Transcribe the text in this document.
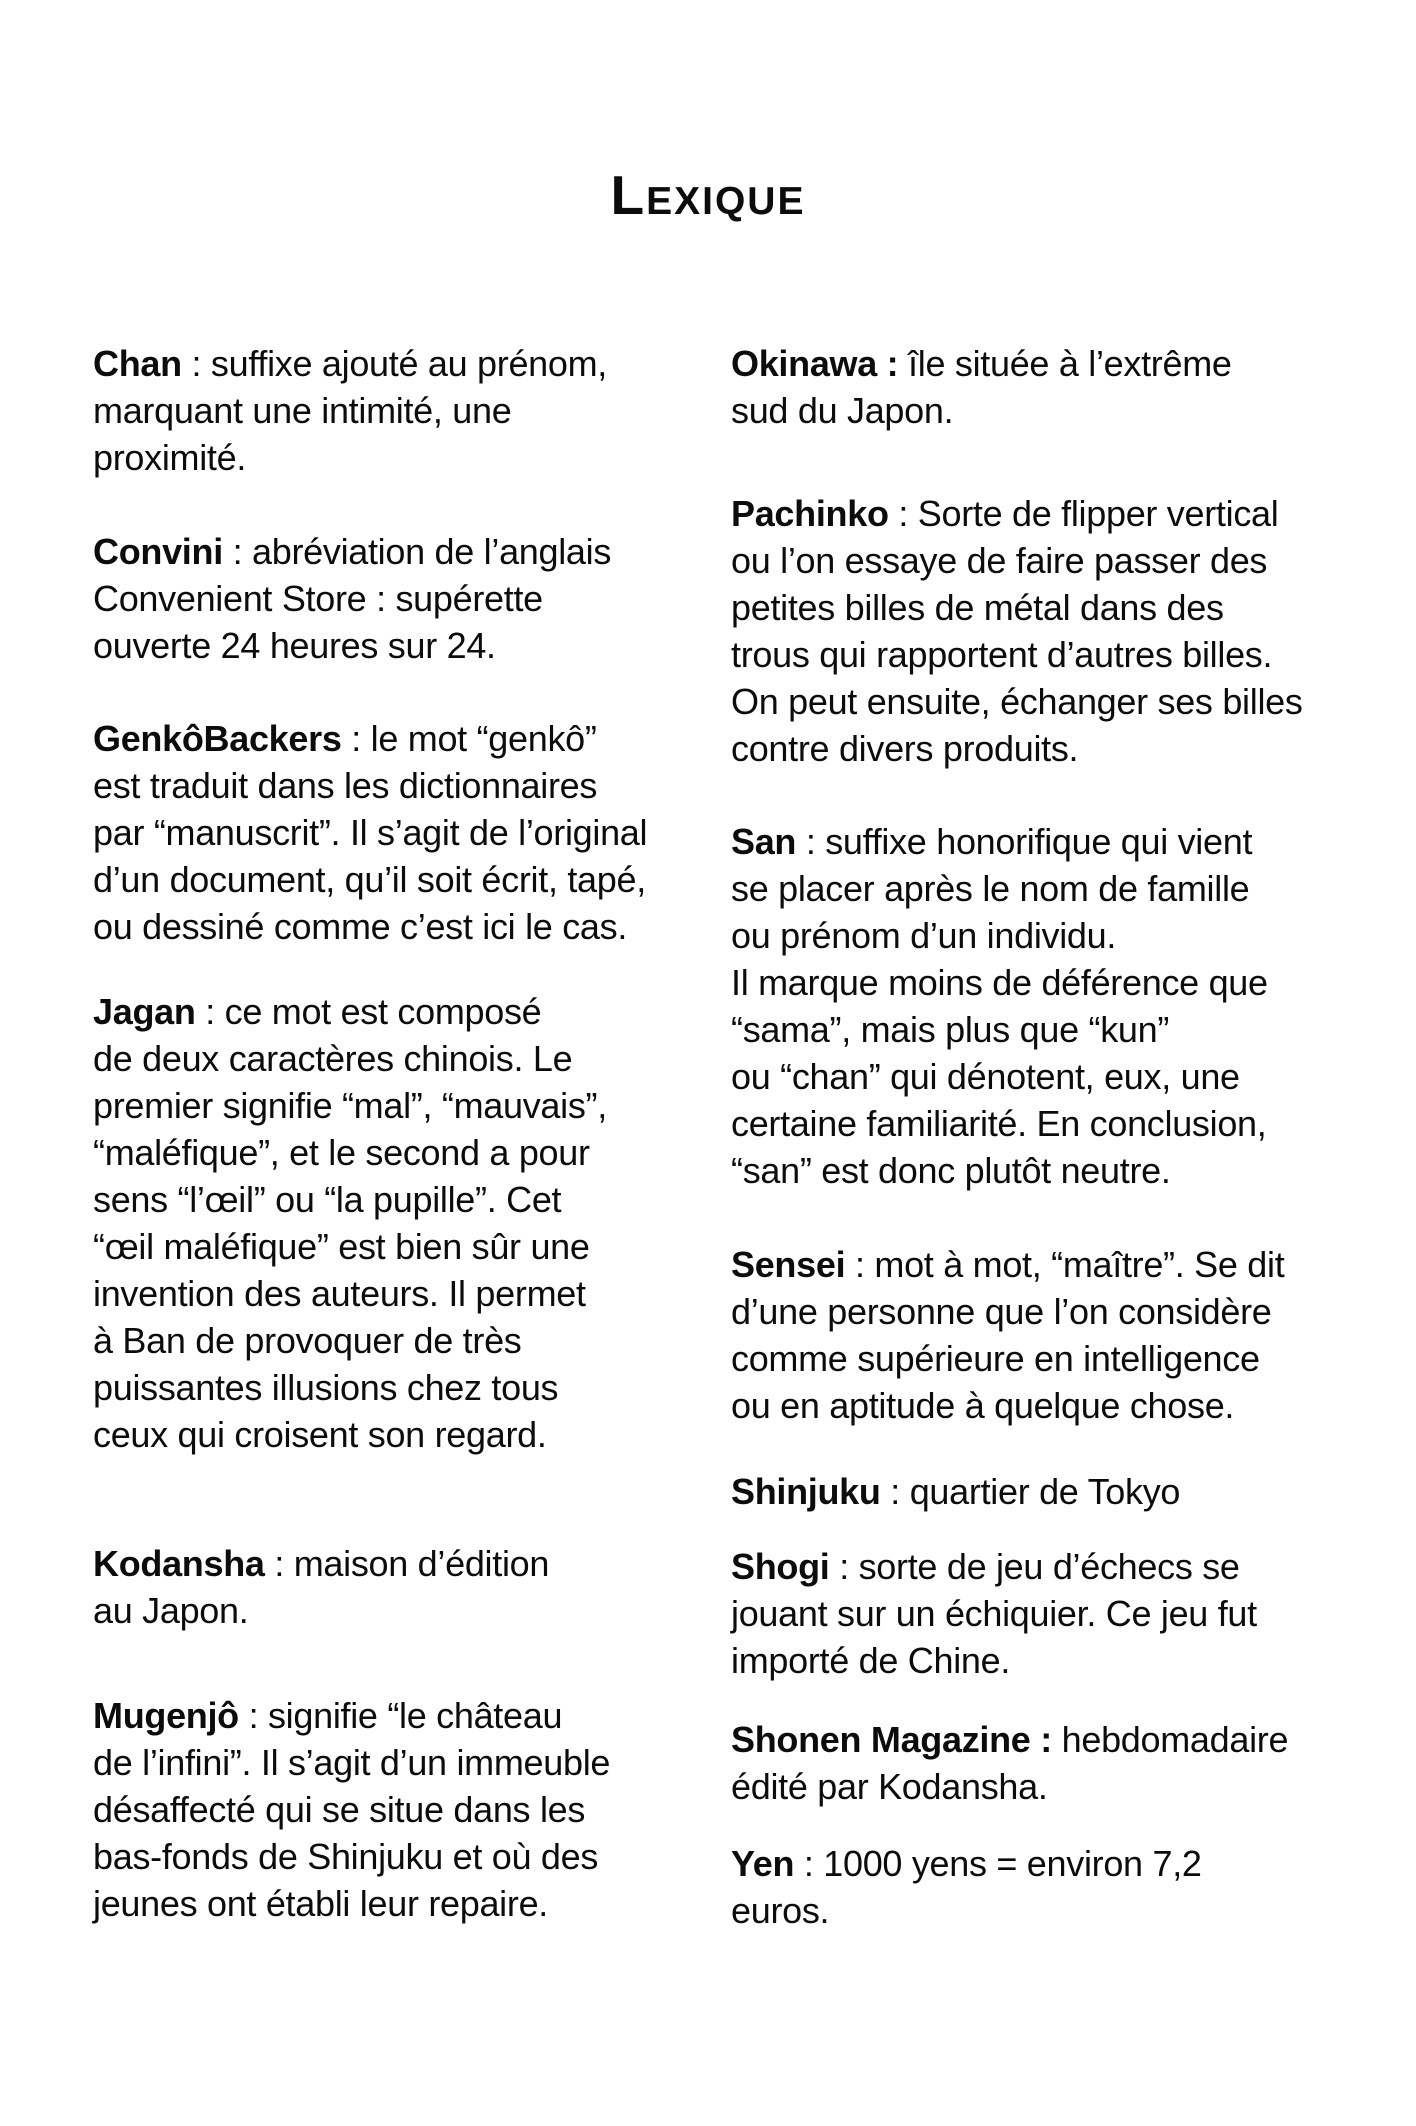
Lexique

Chan : suffixe ajouté au prénom,
marquant une intimité, une
proximité.

Convini : abréviation de l’anglais
Convenient Store : supérette
ouverte 24 heures sur 24.

GenkôBackers : le mot “genkô”
est traduit dans les dictionnaires
par “manuscrit”. Il s’agit de l’original
d’un document, qu’il soit écrit, tapé,
ou dessiné comme c’est ici le cas.

Jagan : ce mot est composé
de deux caractères chinois. Le
premier signifie “mal”, “mauvais”,
“maléfique”, et le second a pour
sens “l’œil” ou “la pupille”. Cet
“œil maléfique” est bien sûr une
invention des auteurs. Il permet
à Ban de provoquer de très
puissantes illusions chez tous
ceux qui croisent son regard.

Kodansha : maison d’édition
au Japon.

Mugenjô : signifie “le château
de l’infini”. Il s’agit d’un immeuble
désaffecté qui se situe dans les
bas-fonds de Shinjuku et où des
jeunes ont établi leur repaire.

Okinawa : île située à l’extrême
sud du Japon.

Pachinko : Sorte de flipper vertical
ou l’on essaye de faire passer des
petites billes de métal dans des
trous qui rapportent d’autres billes.
On peut ensuite, échanger ses billes
contre divers produits.

San : suffixe honorifique qui vient
se placer après le nom de famille
ou prénom d’un individu.
Il marque moins de déférence que
“sama”, mais plus que “kun”
ou “chan” qui dénotent, eux, une
certaine familiarité. En conclusion,
“san” est donc plutôt neutre.

Sensei : mot à mot, “maître”. Se dit
d’une personne que l’on considère
comme supérieure en intelligence
ou en aptitude à quelque chose.

Shinjuku : quartier de Tokyo

Shogi : sorte de jeu d’échecs se
jouant sur un échiquier. Ce jeu fut
importé de Chine.

Shonen Magazine : hebdomadaire
édité par Kodansha.

Yen : 1000 yens = environ 7,2
euros.
